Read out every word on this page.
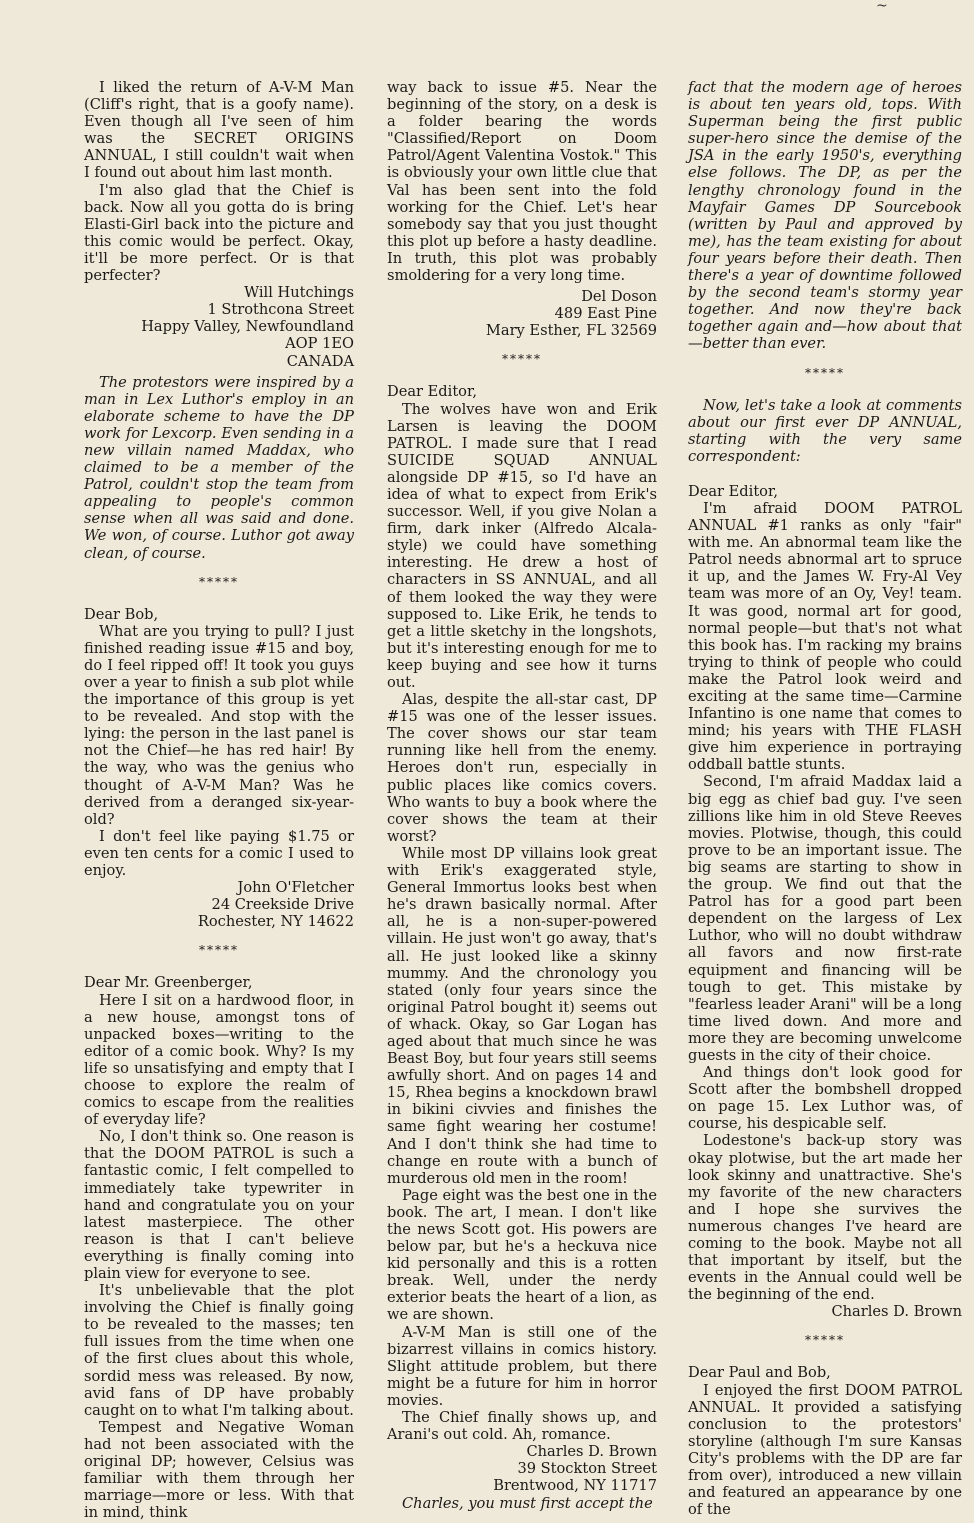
~

I liked the return of A-V-M Man (Cliff's right, that is a goofy name). Even though all I've seen of him was the SECRET ORIGINS ANNUAL, I still couldn't wait when I found out about him last month.

I'm also glad that the Chief is back. Now all you gotta do is bring Elasti-Girl back into the picture and this comic would be perfect. Okay, it'll be more perfect. Or is that perfecter?

Will Hutchings
1 Strothcona Street
Happy Valley, Newfoundland
AOP 1EO
CANADA

The protestors were inspired by a man in Lex Luthor's employ in an elaborate scheme to have the DP work for Lexcorp. Even sending in a new villain named Maddax, who claimed to be a member of the Patrol, couldn't stop the team from appealing to people's common sense when all was said and done. We won, of course. Luthor got away clean, of course.

*****

Dear Bob,

What are you trying to pull? I just finished reading issue #15 and boy, do I feel ripped off! It took you guys over a year to finish a sub plot while the importance of this group is yet to be revealed. And stop with the lying: the person in the last panel is not the Chief—he has red hair! By the way, who was the genius who thought of A-V-M Man? Was he derived from a deranged six-year-old?

I don't feel like paying $1.75 or even ten cents for a comic I used to enjoy.

John O'Fletcher
24 Creekside Drive
Rochester, NY 14622
*****

Dear Mr. Greenberger,

Here I sit on a hardwood floor, in a new house, amongst tons of unpacked boxes—writing to the editor of a comic book. Why? Is my life so unsatisfying and empty that I choose to explore the realm of comics to escape from the realities of everyday life?

No, I don't think so. One reason is that the DOOM PATROL is such a fantastic comic, I felt compelled to immediately take typewriter in hand and congratulate you on your latest masterpiece. The other reason is that I can't believe everything is finally coming into plain view for everyone to see.

It's unbelievable that the plot involving the Chief is finally going to be revealed to the masses; ten full issues from the time when one of the first clues about this whole, sordid mess was released. By now, avid fans of DP have probably caught on to what I'm talking about.

Tempest and Negative Woman had not been associated with the original DP; however, Celsius was familiar with them through her marriage—more or less. With that in mind, think

way back to issue #5. Near the beginning of the story, on a desk is a folder bearing the words "Classified/Report on Doom Patrol/Agent Valentina Vostok." This is obviously your own little clue that Val has been sent into the fold working for the Chief. Let's hear somebody say that you just thought this plot up before a hasty deadline. In truth, this plot was probably smoldering for a very long time.

Del Doson
489 East Pine
Mary Esther, FL 32569
*****

Dear Editor,

The wolves have won and Erik Larsen is leaving the DOOM PATROL. I made sure that I read SUICIDE SQUAD ANNUAL alongside DP #15, so I'd have an idea of what to expect from Erik's successor. Well, if you give Nolan a firm, dark inker (Alfredo Alcala-style) we could have something interesting. He drew a host of characters in SS ANNUAL, and all of them looked the way they were supposed to. Like Erik, he tends to get a little sketchy in the longshots, but it's interesting enough for me to keep buying and see how it turns out.

Alas, despite the all-star cast, DP #15 was one of the lesser issues. The cover shows our star team running like hell from the enemy. Heroes don't run, especially in public places like comics covers. Who wants to buy a book where the cover shows the team at their worst?

While most DP villains look great with Erik's exaggerated style, General Immortus looks best when he's drawn basically normal. After all, he is a non-super-powered villain. He just won't go away, that's all. He just looked like a skinny mummy. And the chronology you stated (only four years since the original Patrol bought it) seems out of whack. Okay, so Gar Logan has aged about that much since he was Beast Boy, but four years still seems awfully short. And on pages 14 and 15, Rhea begins a knockdown brawl in bikini civvies and finishes the same fight wearing her costume! And I don't think she had time to change en route with a bunch of murderous old men in the room!

Page eight was the best one in the book. The art, I mean. I don't like the news Scott got. His powers are below par, but he's a heckuva nice kid personally and this is a rotten break. Well, under the nerdy exterior beats the heart of a lion, as we are shown.

A-V-M Man is still one of the bizarrest villains in comics history. Slight attitude problem, but there might be a future for him in horror movies.

The Chief finally shows up, and Arani's out cold. Ah, romance.

Charles D. Brown
39 Stockton Street
Brentwood, NY 11717

Charles, you must first accept the

fact that the modern age of heroes is about ten years old, tops. With Superman being the first public super-hero since the demise of the JSA in the early 1950's, everything else follows. The DP, as per the lengthy chronology found in the Mayfair Games DP Sourcebook (written by Paul and approved by me), has the team existing for about four years before their death. Then there's a year of downtime followed by the second team's stormy year together. And now they're back together again and—how about that—better than ever.

*****

Now, let's take a look at comments about our first ever DP ANNUAL, starting with the very same correspondent:

Dear Editor,

I'm afraid DOOM PATROL ANNUAL #1 ranks as only "fair" with me. An abnormal team like the Patrol needs abnormal art to spruce it up, and the James W. Fry-Al Vey team was more of an Oy, Vey! team. It was good, normal art for good, normal people—but that's not what this book has. I'm racking my brains trying to think of people who could make the Patrol look weird and exciting at the same time—Carmine Infantino is one name that comes to mind; his years with THE FLASH give him experience in portraying oddball battle stunts.

Second, I'm afraid Maddax laid a big egg as chief bad guy. I've seen zillions like him in old Steve Reeves movies. Plotwise, though, this could prove to be an important issue. The big seams are starting to show in the group. We find out that the Patrol has for a good part been dependent on the largess of Lex Luthor, who will no doubt withdraw all favors and now first-rate equipment and financing will be tough to get. This mistake by "fearless leader Arani" will be a long time lived down. And more and more they are becoming unwelcome guests in the city of their choice.

And things don't look good for Scott after the bombshell dropped on page 15. Lex Luthor was, of course, his despicable self.

Lodestone's back-up story was okay plotwise, but the art made her look skinny and unattractive. She's my favorite of the new characters and I hope she survives the numerous changes I've heard are coming to the book. Maybe not all that important by itself, but the events in the Annual could well be the beginning of the end.

Charles D. Brown
*****

Dear Paul and Bob,

I enjoyed the first DOOM PATROL ANNUAL. It provided a satisfying conclusion to the protestors' storyline (although I'm sure Kansas City's problems with the DP are far from over), introduced a new villain and featured an appearance by one of the
